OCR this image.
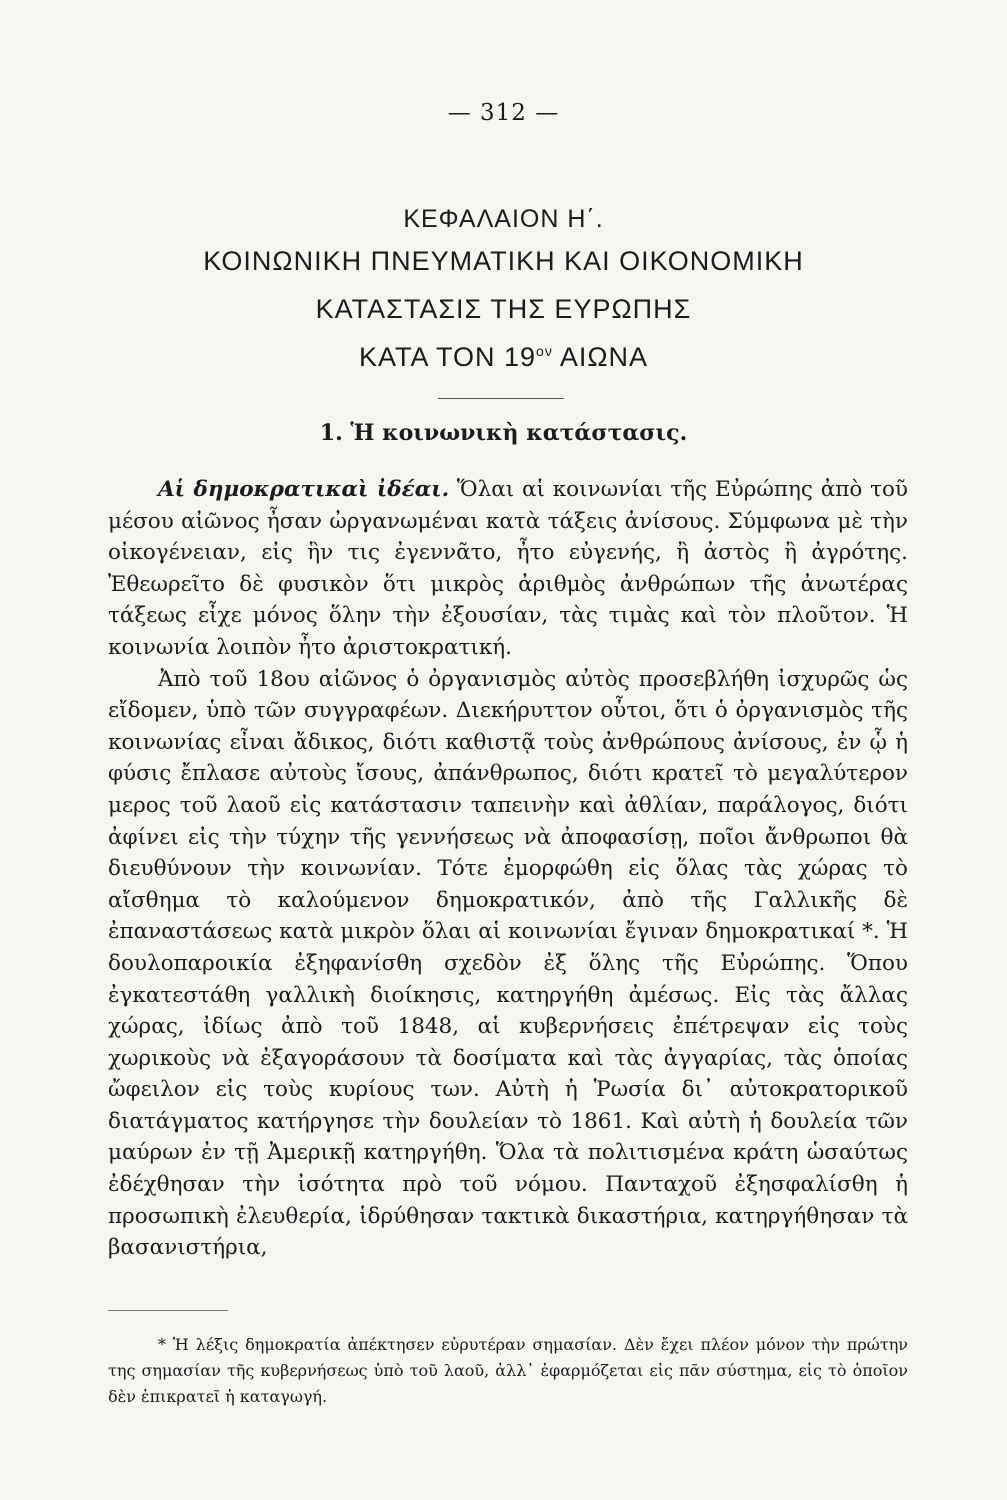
— 312 —
ΚΕΦΑΛΑΙΟΝ Η΄.
ΚΟΙΝΩΝΙΚΗ ΠΝΕΥΜΑΤΙΚΗ ΚΑΙ ΟΙΚΟΝΟΜΙΚΗ
ΚΑΤΑΣΤΑΣΙΣ ΤΗΣ ΕΥΡΩΠΗΣ
ΚΑΤΑ ΤΟΝ $19^{o\nu}$ ΑΙΩΝΑ
1. Ἡ κοινωνικὴ κατάστασις.

Αἱ δημοκρατικαὶ ἰδέαι. Ὅλαι αἱ κοινωνίαι τῆς Εὐρώπης ἀπὸ τοῦ μέσου αἰῶνος ἦσαν ὠργανωμέναι κατὰ τάξεις ἀνίσους. Σύμφωνα μὲ τὴν οἰκογένειαν, εἰς ἣν τις ἐγεννᾶτο, ἦτο εὐγενής, ἢ ἀστὸς ἢ ἀγρότης. Ἐθεωρεῖτο δὲ φυσικὸν ὅτι μικρὸς ἀριθμὸς ἀνθρώπων τῆς ἀνωτέρας τάξεως εἶχε μόνος ὅλην τὴν ἐξουσίαν, τὰς τιμὰς καὶ τὸν πλοῦτον. Ἡ κοινωνία λοιπὸν ἦτο ἀριστοκρατική.

Ἀπὸ τοῦ 18ου αἰῶνος ὁ ὀργανισμὸς αὐτὸς προσεβλήθη ἰσχυρῶς ὡς εἴδομεν, ὑπὸ τῶν συγγραφέων. Διεκήρυττον οὗτοι, ὅτι ὁ ὀργανισμὸς τῆς κοινωνίας εἶναι ἄδικος, διότι καθιστᾷ τοὺς ἀνθρώπους ἀνίσους, ἐν ᾧ ἡ φύσις ἔπλασε αὐτοὺς ἴσους, ἀπάνθρωπος, διότι κρατεῖ τὸ μεγαλύτερον μερος τοῦ λαοῦ εἰς κατάστασιν ταπεινὴν καὶ ἀθλίαν, παράλογος, διότι ἀφίνει εἰς τὴν τύχην τῆς γεννήσεως νὰ ἀποφασίσῃ, ποῖοι ἄνθρωποι θὰ διευθύνουν τὴν κοινωνίαν. Τότε ἐμορφώθη εἰς ὅλας τὰς χώρας τὸ αἴσθημα τὸ καλούμενον δημοκρατικόν, ἀπὸ τῆς Γαλλικῆς δὲ ἐπαναστάσεως κατὰ μικρὸν ὅλαι αἱ κοινωνίαι ἔγιναν δημοκρατικαί *. Ἡ δουλοπαροικία ἐξηφανίσθη σχεδὸν ἐξ ὅλης τῆς Εὐρώπης. Ὅπου ἐγκατεστάθη γαλλικὴ διοίκησις, κατηργήθη ἀμέσως. Εἰς τὰς ἄλλας χώρας, ἰδίως ἀπὸ τοῦ 1848, αἱ κυβερνήσεις ἐπέτρεψαν εἰς τοὺς χωρικοὺς νὰ ἐξαγοράσουν τὰ δοσίματα καὶ τὰς ἀγγαρίας, τὰς ὁποίας ὤφειλον εἰς τοὺς κυρίους των. Αὐτὴ ἡ Ῥωσία δι᾽ αὐτοκρατορικοῦ διατάγματος κατήργησε τὴν δουλείαν τὸ 1861. Καὶ αὐτὴ ἡ δουλεία τῶν μαύρων ἐν τῇ Ἀμερικῇ κατηργήθη. Ὅλα τὰ πολιτισμένα κράτη ὡσαύτως ἐδέχθησαν τὴν ἰσότητα πρὸ τοῦ νόμου. Πανταχοῦ ἐξησφαλίσθη ἡ προσωπικὴ ἐλευθερία, ἱδρύθησαν τακτικὰ δικαστήρια, κατηργήθησαν τὰ βασανιστήρια,

* Ἡ λέξις δημοκρατία ἀπέκτησεν εὐρυτέραν σημασίαν. Δὲν ἔχει πλέον μόνον τὴν πρώτην της σημασίαν τῆς κυβερνήσεως ὑπὸ τοῦ λαοῦ, ἀλλ᾽ ἐφαρμόζεται εἰς πᾶν σύστημα, εἰς τὸ ὁποῖον δὲν ἐπικρατεῖ ἡ καταγωγή.
